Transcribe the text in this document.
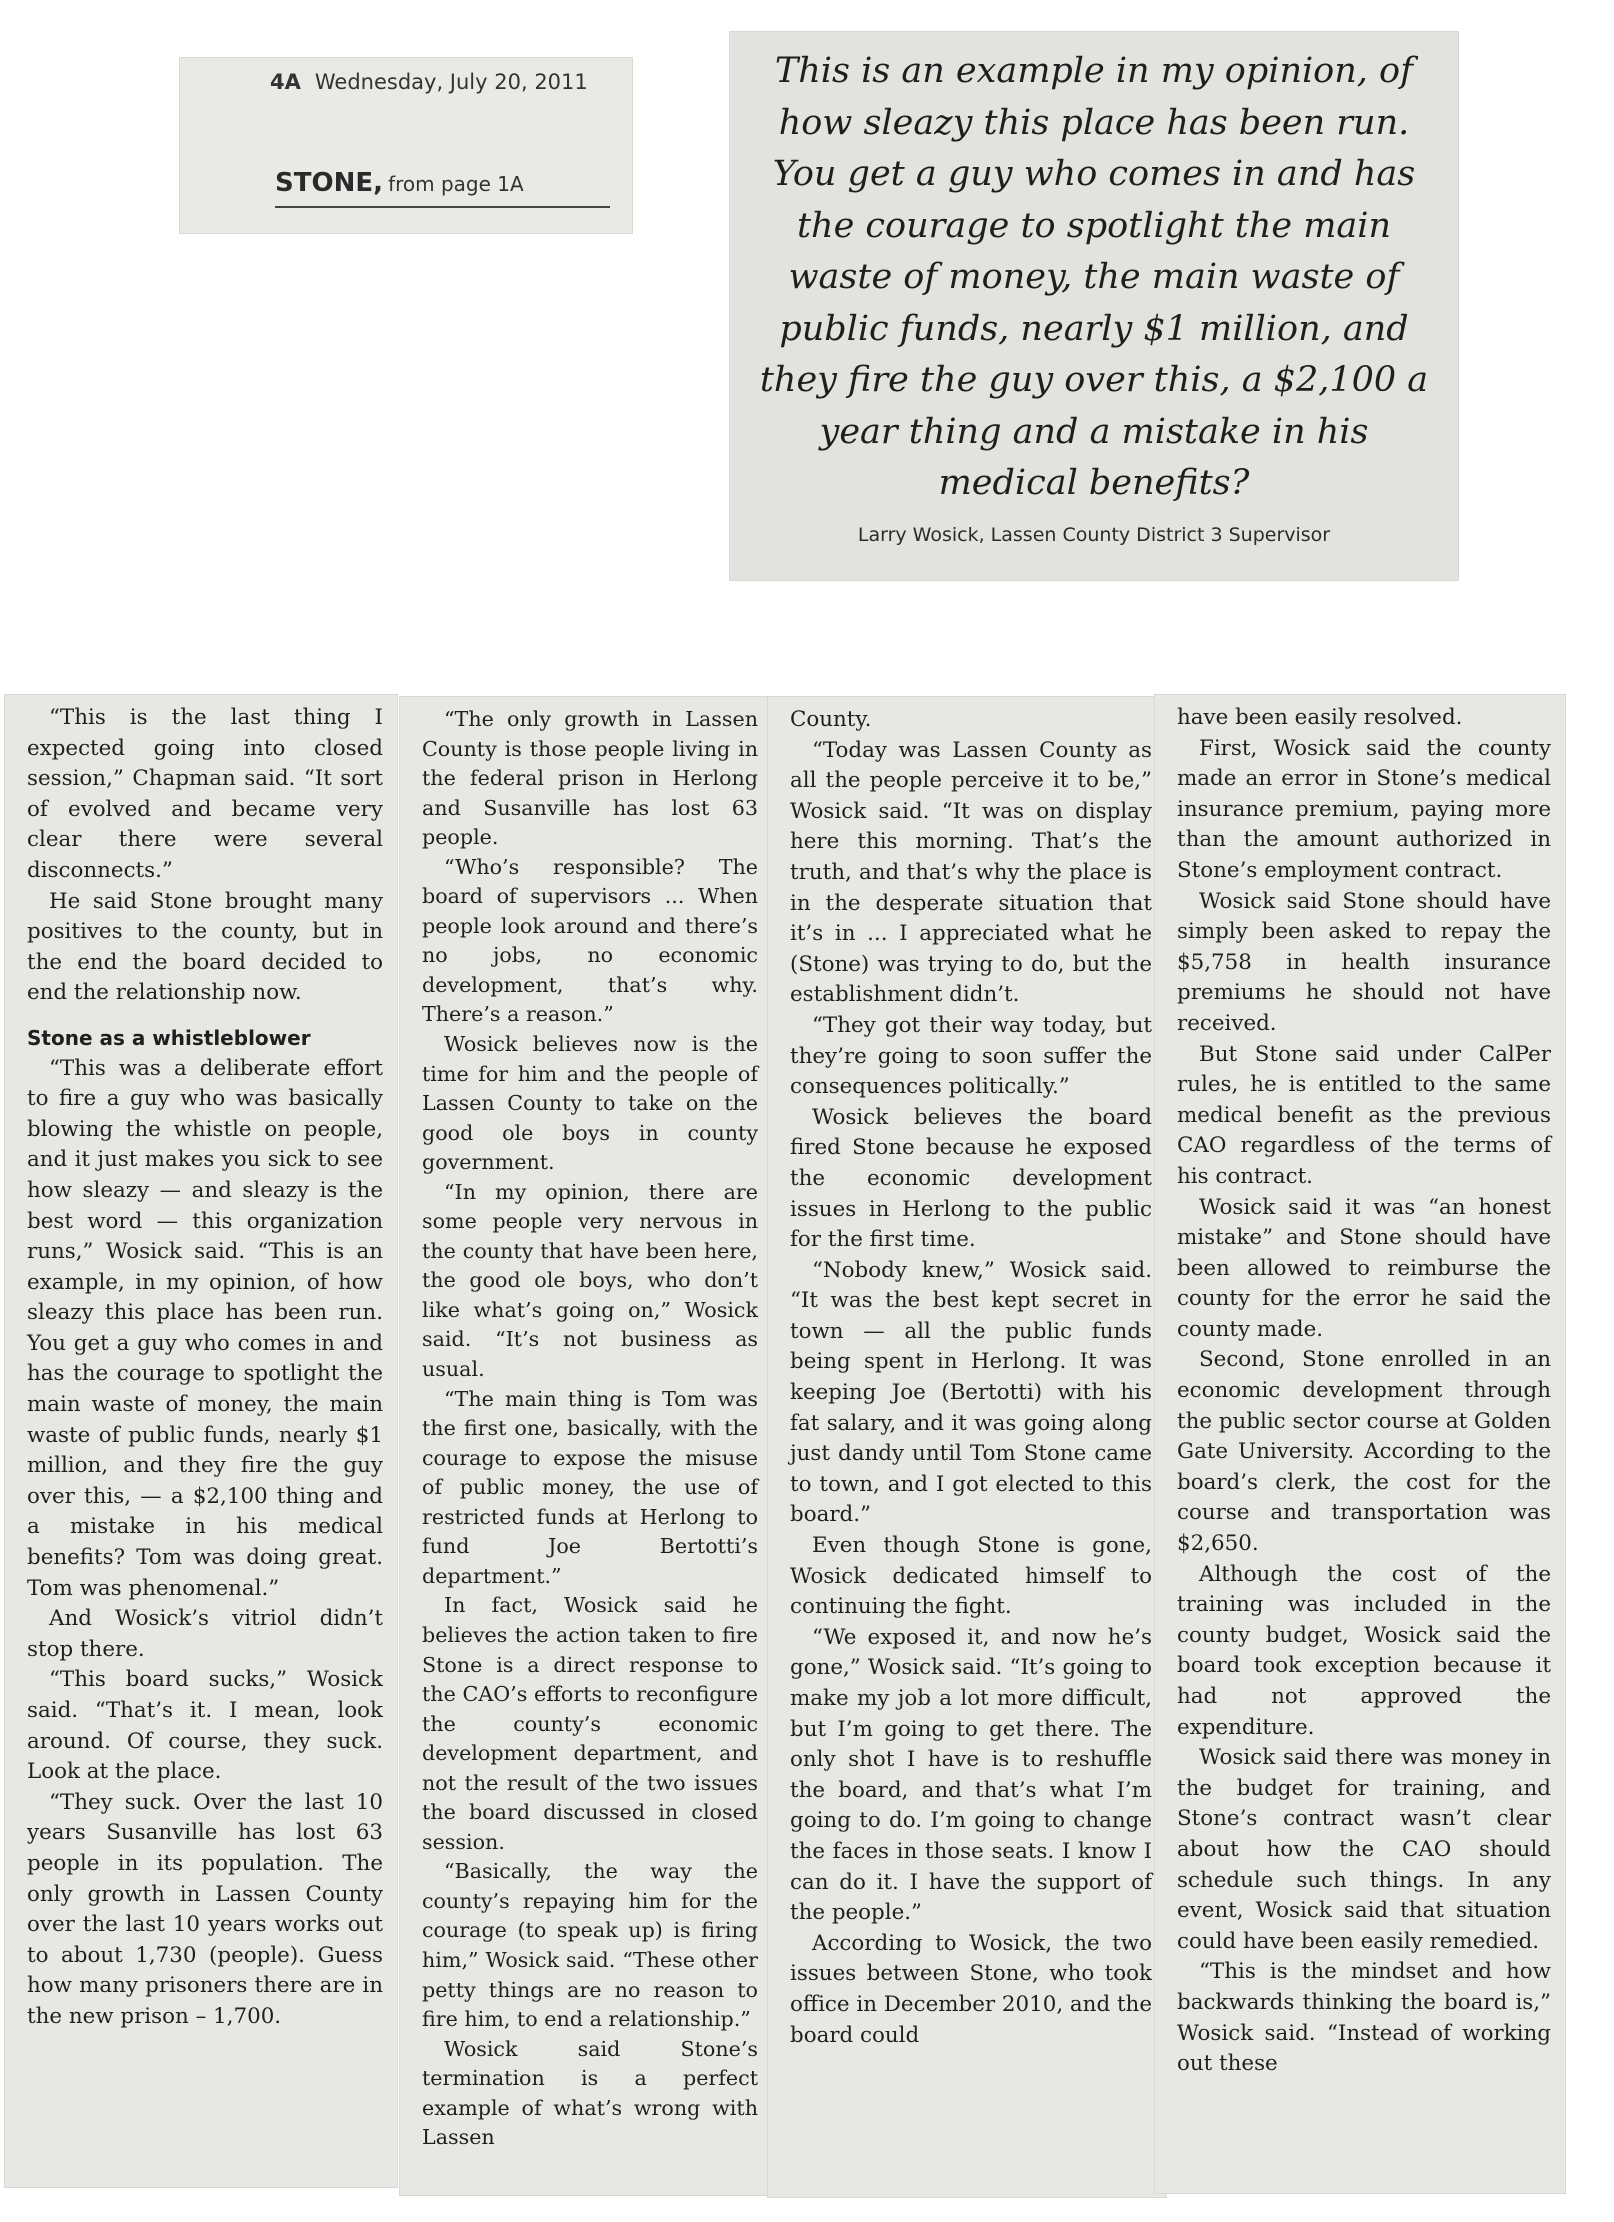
4A Wednesday, July 20, 2011
STONE, from page 1A
This is an example in my opinion, of how sleazy this place has been run. You get a guy who comes in and has the courage to spotlight the main waste of money, the main waste of public funds, nearly $1 million, and they fire the guy over this, a $2,100 a year thing and a mistake in his medical benefits?
Larry Wosick, Lassen County District 3 Supervisor

“This is the last thing I expected going into closed session,” Chapman said. “It sort of evolved and became very clear there were several disconnects.”

He said Stone brought many positives to the county, but in the end the board decided to end the relationship now.

Stone as a whistleblower

“This was a deliberate effort to fire a guy who was basically blowing the whistle on people, and it just makes you sick to see how sleazy — and sleazy is the best word — this organization runs,” Wosick said. “This is an example, in my opinion, of how sleazy this place has been run. You get a guy who comes in and has the courage to spotlight the main waste of money, the main waste of public funds, nearly $1 million, and they fire the guy over this, — a $2,100 thing and a mistake in his medical benefits? Tom was doing great. Tom was phenomenal.”

And Wosick’s vitriol didn’t stop there.

“This board sucks,” Wosick said. “That’s it. I mean, look around. Of course, they suck. Look at the place.

“They suck. Over the last 10 years Susanville has lost 63 people in its population. The only growth in Lassen County over the last 10 years works out to about 1,730 (people). Guess how many prisoners there are in the new prison – 1,700.

“The only growth in Lassen County is those people living in the federal prison in Herlong and Susanville has lost 63 people.

“Who’s responsible? The board of supervisors ... When people look around and there’s no jobs, no economic development, that’s why. There’s a reason.”

Wosick believes now is the time for him and the people of Lassen County to take on the good ole boys in county government.

“In my opinion, there are some people very nervous in the county that have been here, the good ole boys, who don’t like what’s going on,” Wosick said. “It’s not business as usual.

“The main thing is Tom was the first one, basically, with the courage to expose the misuse of public money, the use of restricted funds at Herlong to fund Joe Bertotti’s department.”

In fact, Wosick said he believes the action taken to fire Stone is a direct response to the CAO’s efforts to reconfigure the county’s economic development department, and not the result of the two issues the board discussed in closed session.

“Basically, the way the county’s repaying him for the courage (to speak up) is firing him,” Wosick said. “These other petty things are no reason to fire him, to end a relationship.”

Wosick said Stone’s termination is a perfect example of what’s wrong with Lassen

County.

“Today was Lassen County as all the people perceive it to be,” Wosick said. “It was on display here this morning. That’s the truth, and that’s why the place is in the desperate situation that it’s in ... I appreciated what he (Stone) was trying to do, but the establishment didn’t.

“They got their way today, but they’re going to soon suffer the consequences politically.”

Wosick believes the board fired Stone because he exposed the economic development issues in Herlong to the public for the first time.

“Nobody knew,” Wosick said. “It was the best kept secret in town — all the public funds being spent in Herlong. It was keeping Joe (Bertotti) with his fat salary, and it was going along just dandy until Tom Stone came to town, and I got elected to this board.”

Even though Stone is gone, Wosick dedicated himself to continuing the fight.

“We exposed it, and now he’s gone,” Wosick said. “It’s going to make my job a lot more difficult, but I’m going to get there. The only shot I have is to reshuffle the board, and that’s what I’m going to do. I’m going to change the faces in those seats. I know I can do it. I have the support of the people.”

According to Wosick, the two issues between Stone, who took office in December 2010, and the board could

have been easily resolved.

First, Wosick said the county made an error in Stone’s medical insurance premium, paying more than the amount authorized in Stone’s employment contract.

Wosick said Stone should have simply been asked to repay the $5,758 in health insurance premiums he should not have received.

But Stone said under CalPer rules, he is entitled to the same medical benefit as the previous CAO regardless of the terms of his contract.

Wosick said it was “an honest mistake” and Stone should have been allowed to reimburse the county for the error he said the county made.

Second, Stone enrolled in an economic development through the public sector course at Golden Gate University. According to the board’s clerk, the cost for the course and transportation was $2,650.

Although the cost of the training was included in the county budget, Wosick said the board took exception because it had not approved the expenditure.

Wosick said there was money in the budget for training, and Stone’s contract wasn’t clear about how the CAO should schedule such things. In any event, Wosick said that situation could have been easily remedied.

“This is the mindset and how backwards thinking the board is,” Wosick said. “Instead of working out these
